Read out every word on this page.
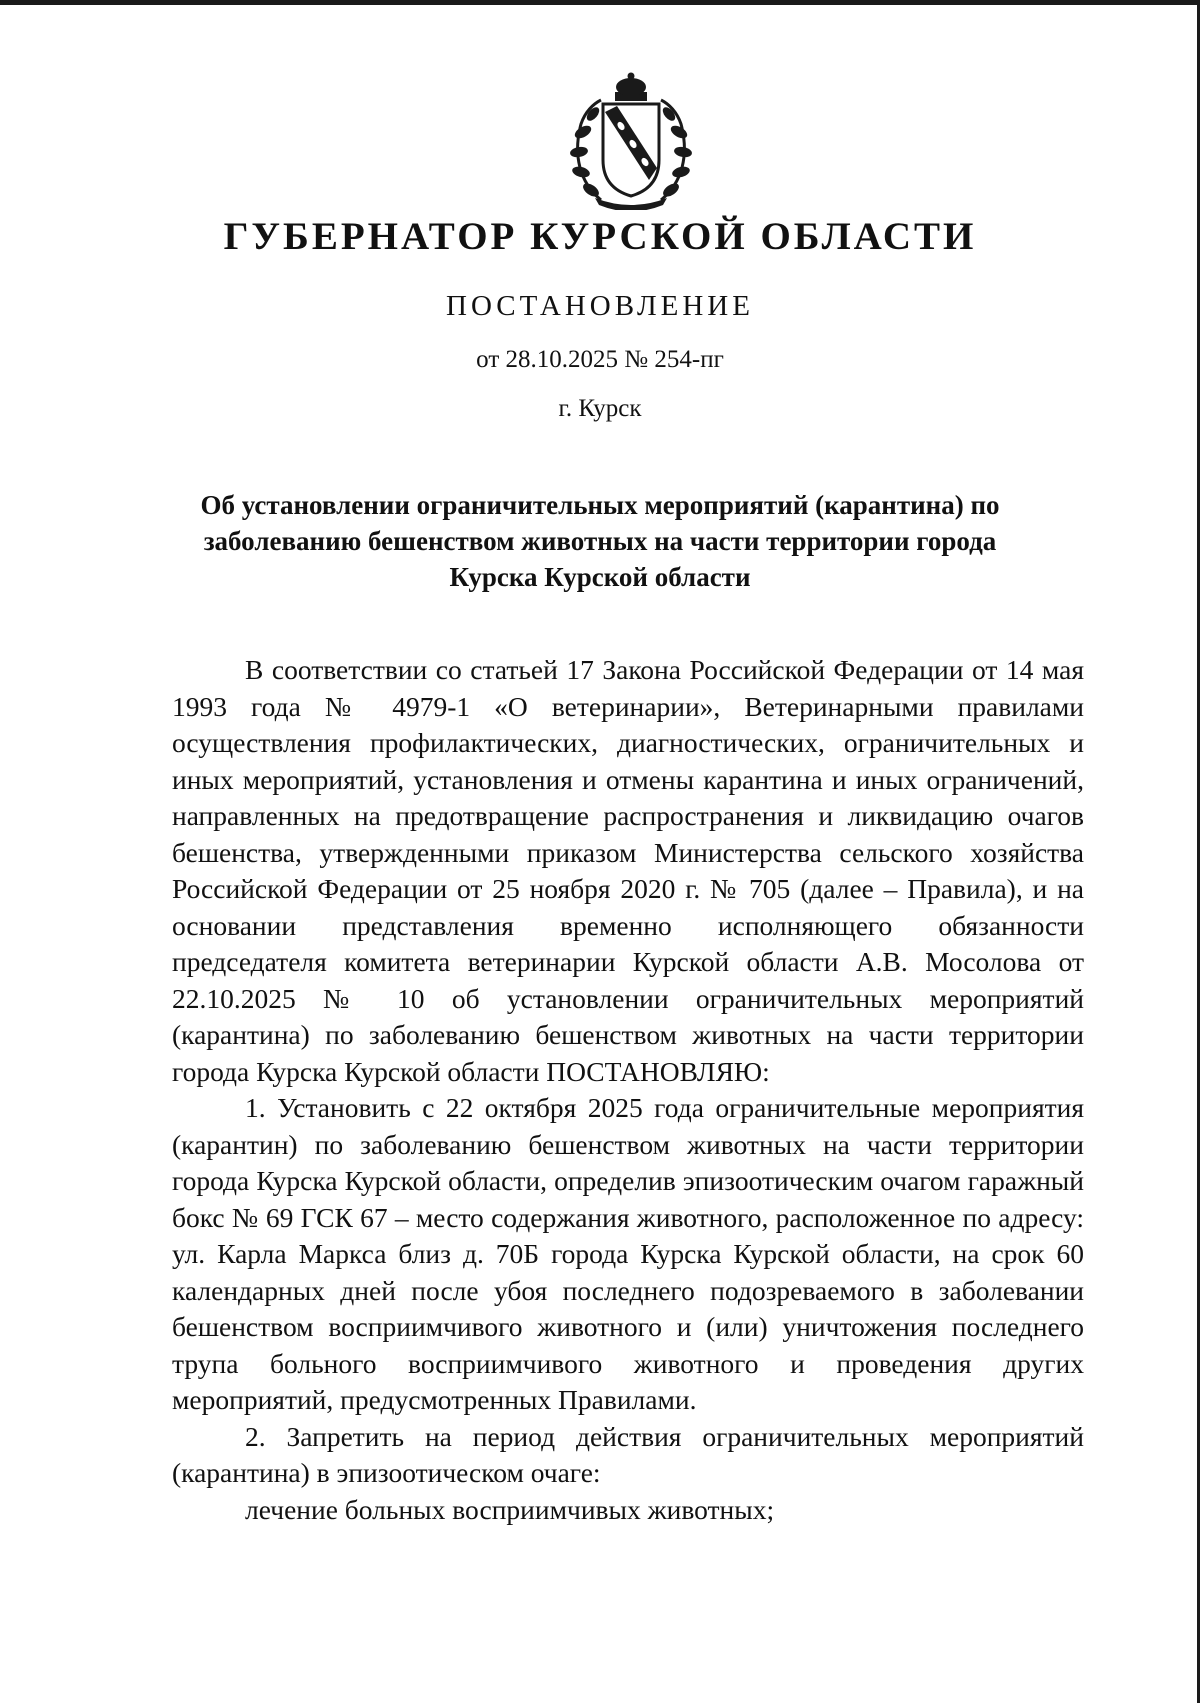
ГУБЕРНАТОР КУРСКОЙ ОБЛАСТИ
ПОСТАНОВЛЕНИЕ
от 28.10.2025 № 254-пг
г. Курск
Об установлении ограничительных мероприятий (карантина) по заболеванию бешенством животных на части территории города Курска Курской области

В соответствии со статьей 17 Закона Российской Федерации от 14 мая 1993 года № 4979-1 «О ветеринарии», Ветеринарными правилами осуществления профилактических, диагностических, ограничительных и иных мероприятий, установления и отмены карантина и иных ограничений, направленных на предотвращение распространения и ликвидацию очагов бешенства, утвержденными приказом Министерства сельского хозяйства Российской Федерации от 25 ноября 2020 г. № 705 (далее – Правила), и на основании представления временно исполняющего обязанности председателя комитета ветеринарии Курской области А.В. Мосолова от 22.10.2025 № 10 об установлении ограничительных мероприятий (карантина) по заболеванию бешенством животных на части территории города Курска Курской области ПОСТАНОВЛЯЮ:

1. Установить с 22 октября 2025 года ограничительные мероприятия (карантин) по заболеванию бешенством животных на части территории города Курска Курской области, определив эпизоотическим очагом гаражный бокс № 69 ГСК 67 – место содержания животного, расположенное по адресу: ул. Карла Маркса близ д. 70Б города Курска Курской области, на срок 60 календарных дней после убоя последнего подозреваемого в заболевании бешенством восприимчивого животного и (или) уничтожения последнего трупа больного восприимчивого животного и проведения других мероприятий, предусмотренных Правилами.

2. Запретить на период действия ограничительных мероприятий (карантина) в эпизоотическом очаге:

лечение больных восприимчивых животных;
